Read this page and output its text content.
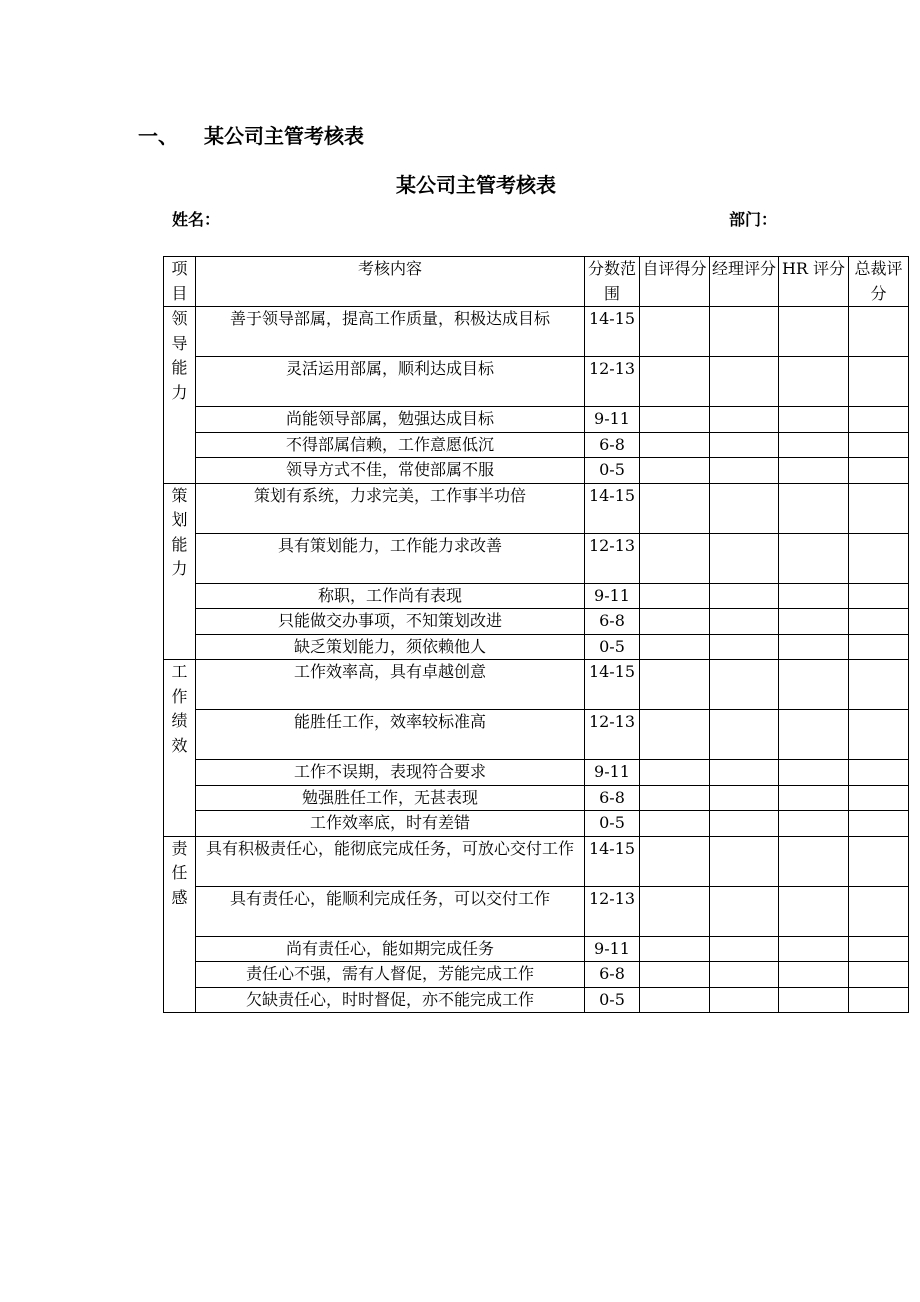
一、 某公司主管考核表
某公司主管考核表
姓名：	部门：
项目	考核内容	分数范围	自评得分	经理评分	HR 评分	总裁评分

领导能力	善于领导部属，提高工作质量，积极达成目标	14-15				
	灵活运用部属，顺利达成目标	12-13				
	尚能领导部属，勉强达成目标	9-11				
	不得部属信赖，工作意愿低沉	6-8				
	领导方式不佳，常使部属不服	0-5				

策划能力	策划有系统，力求完美，工作事半功倍	14-15				
	具有策划能力，工作能力求改善	12-13				
	称职，工作尚有表现	9-11				
	只能做交办事项，不知策划改进	6-8				
	缺乏策划能力，须依赖他人	0-5				

工作绩效	工作效率高，具有卓越创意	14-15				
	能胜任工作，效率较标准高	12-13				
	工作不误期，表现符合要求	9-11				
	勉强胜任工作，无甚表现	6-8				
	工作效率底，时有差错	0-5				

责任感	具有积极责任心，能彻底完成任务，可放心交付工作	14-15				
	具有责任心，能顺利完成任务，可以交付工作	12-13				
	尚有责任心，能如期完成任务	9-11				
	责任心不强，需有人督促，芳能完成工作	6-8				
	欠缺责任心，时时督促，亦不能完成工作	0-5				
